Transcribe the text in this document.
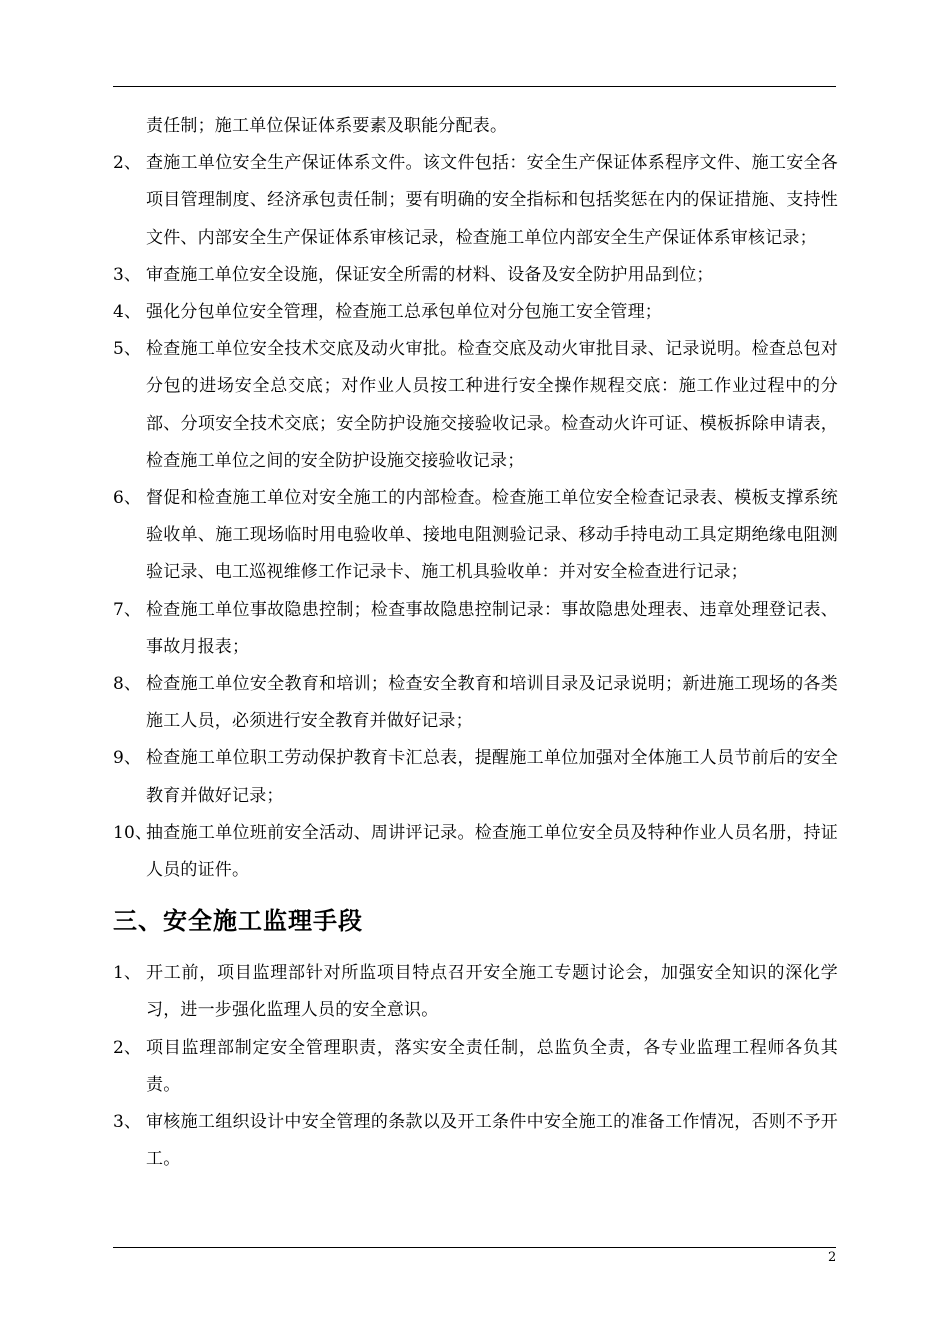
责任制；施工单位保证体系要素及职能分配表。
2、 查施工单位安全生产保证体系文件。该文件包括：安全生产保证体系程序文件、施工安全各项目管理制度、经济承包责任制；要有明确的安全指标和包括奖惩在内的保证措施、支持性文件、内部安全生产保证体系审核记录，检查施工单位内部安全生产保证体系审核记录；
3、 审查施工单位安全设施，保证安全所需的材料、设备及安全防护用品到位；
4、 强化分包单位安全管理，检查施工总承包单位对分包施工安全管理；
5、 检查施工单位安全技术交底及动火审批。检查交底及动火审批目录、记录说明。检查总包对分包的进场安全总交底；对作业人员按工种进行安全操作规程交底：施工作业过程中的分部、分项安全技术交底；安全防护设施交接验收记录。检查动火许可证、模板拆除申请表，检查施工单位之间的安全防护设施交接验收记录；
6、 督促和检查施工单位对安全施工的内部检查。检查施工单位安全检查记录表、模板支撑系统验收单、施工现场临时用电验收单、接地电阻测验记录、移动手持电动工具定期绝缘电阻测验记录、电工巡视维修工作记录卡、施工机具验收单：并对安全检查进行记录；
7、 检查施工单位事故隐患控制；检查事故隐患控制记录：事故隐患处理表、违章处理登记表、事故月报表；
8、 检查施工单位安全教育和培训；检查安全教育和培训目录及记录说明；新进施工现场的各类施工人员，必须进行安全教育并做好记录；
9、 检查施工单位职工劳动保护教育卡汇总表，提醒施工单位加强对全体施工人员节前后的安全教育并做好记录；
10、
抽查施工单位班前安全活动、周讲评记录。检查施工单位安全员及特种作业人员名册，持证人员的证件。
三、安全施工监理手段
1、 开工前，项目监理部针对所监项目特点召开安全施工专题讨论会，加强安全知识的深化学习，进一步强化监理人员的安全意识。
2、 项目监理部制定安全管理职责，落实安全责任制，总监负全责，各专业监理工程师各负其责。
3、 审核施工组织设计中安全管理的条款以及开工条件中安全施工的准备工作情况，否则不予开工。
2
